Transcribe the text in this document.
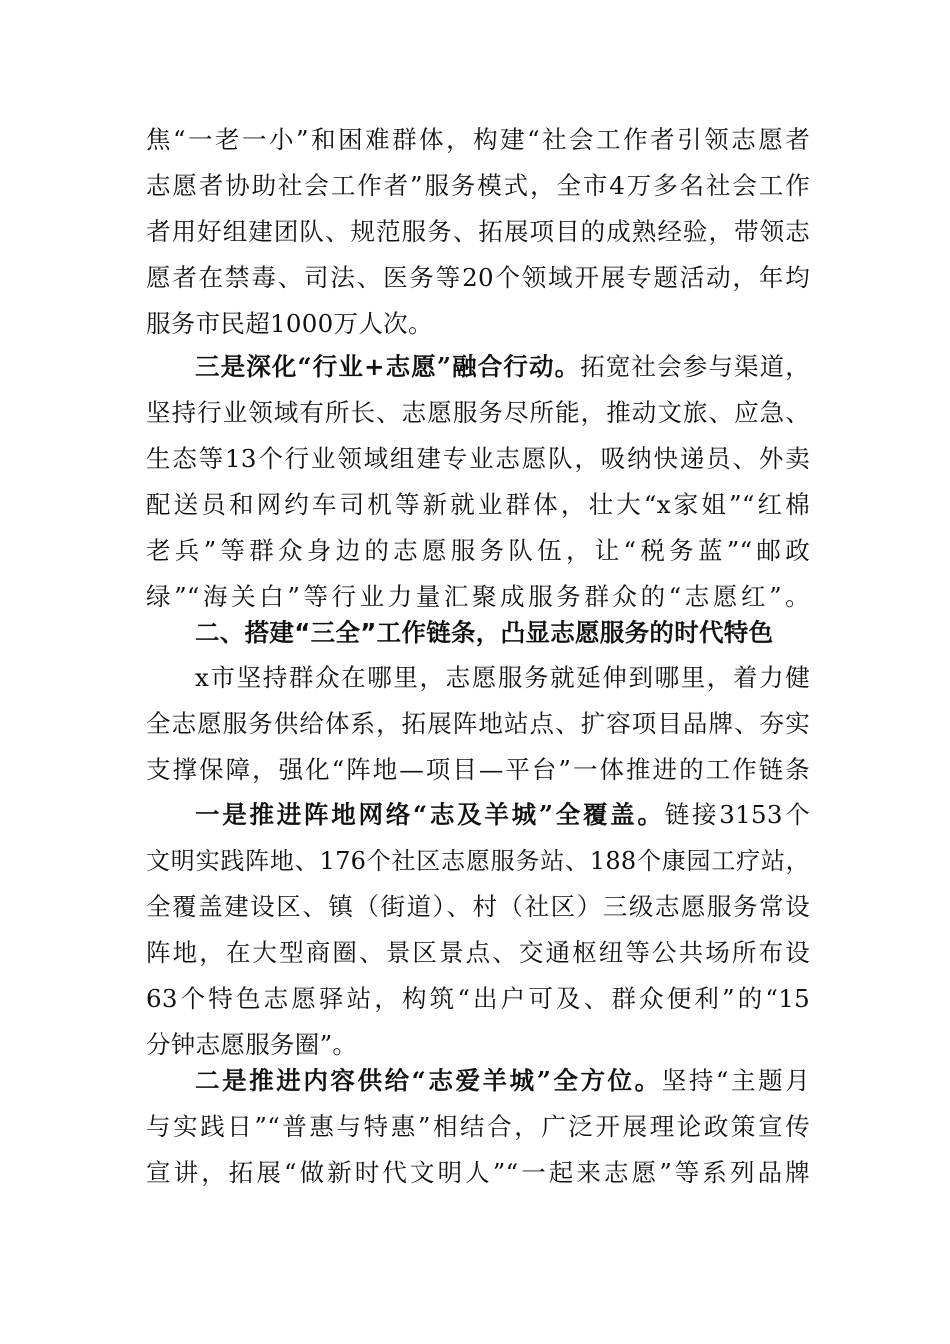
焦“一老一小”和困难群体，构建“社会工作者引领志愿者
志愿者协助社会工作者”服务模式，全市4万多名社会工作
者用好组建团队、规范服务、拓展项目的成熟经验，带领志
愿者在禁毒、司法、医务等20个领域开展专题活动，年均
服务市民超1000万人次。
三是深化“行业+志愿”融合行动。拓宽社会参与渠道，
坚持行业领域有所长、志愿服务尽所能，推动文旅、应急、
生态等13个行业领域组建专业志愿队，吸纳快递员、外卖
配送员和网约车司机等新就业群体，壮大“x家姐”“红棉
老兵”等群众身边的志愿服务队伍，让“税务蓝”“邮政
绿”“海关白”等行业力量汇聚成服务群众的“志愿红”。
二、搭建“三全”工作链条，凸显志愿服务的时代特色
x市坚持群众在哪里，志愿服务就延伸到哪里，着力健
全志愿服务供给体系，拓展阵地站点、扩容项目品牌、夯实
支撑保障，强化“阵地—项目—平台”一体推进的工作链条
一是推进阵地网络“志及羊城”全覆盖。链接3153个
文明实践阵地、176个社区志愿服务站、188个康园工疗站，
全覆盖建设区、镇（街道）、村（社区）三级志愿服务常设
阵地，在大型商圈、景区景点、交通枢纽等公共场所布设
63个特色志愿驿站，构筑“出户可及、群众便利”的“15
分钟志愿服务圈”。
二是推进内容供给“志爱羊城”全方位。坚持“主题月
与实践日”“普惠与特惠”相结合，广泛开展理论政策宣传
宣讲，拓展“做新时代文明人”“一起来志愿”等系列品牌
